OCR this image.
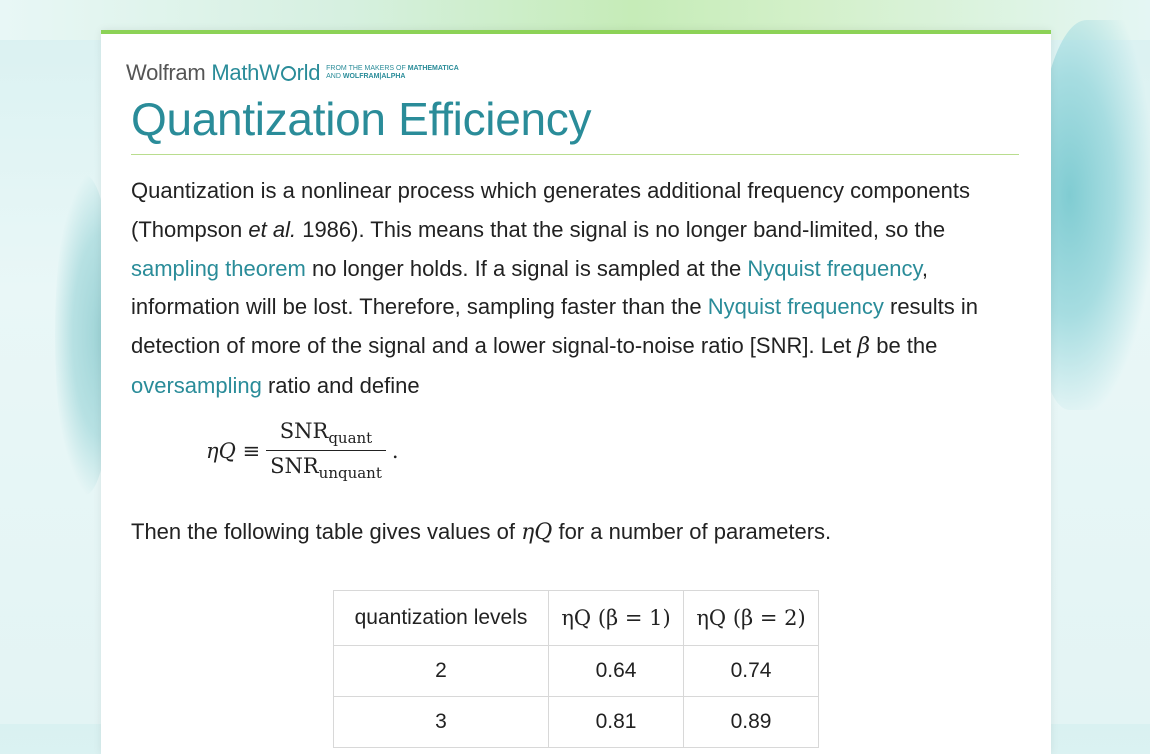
Wolfram MathW rld FROM THE MAKERS OF MATHEMATICA
AND WOLFRAM|ALPHA
Quantization Efficiency

Quantization is a nonlinear process which generates additional frequency components (Thompson et al. 1986). This means that the signal is no longer band-limited, so the sampling theorem no longer holds. If a signal is sampled at the Nyquist frequency, information will be lost. Therefore, sampling faster than the Nyquist frequency results in detection of more of the signal and a lower signal-to-noise ratio [SNR]. Let β be the oversampling ratio and define

$\eta Q \equiv \frac{SNR_{quant}}{SNR_{unquant}}$ .

Then the following table gives values of ηQ for a number of parameters.

quantization levels	ηQ (β = 1)	ηQ (β = 2)
2	0.64	0.74
3	0.81	0.89
